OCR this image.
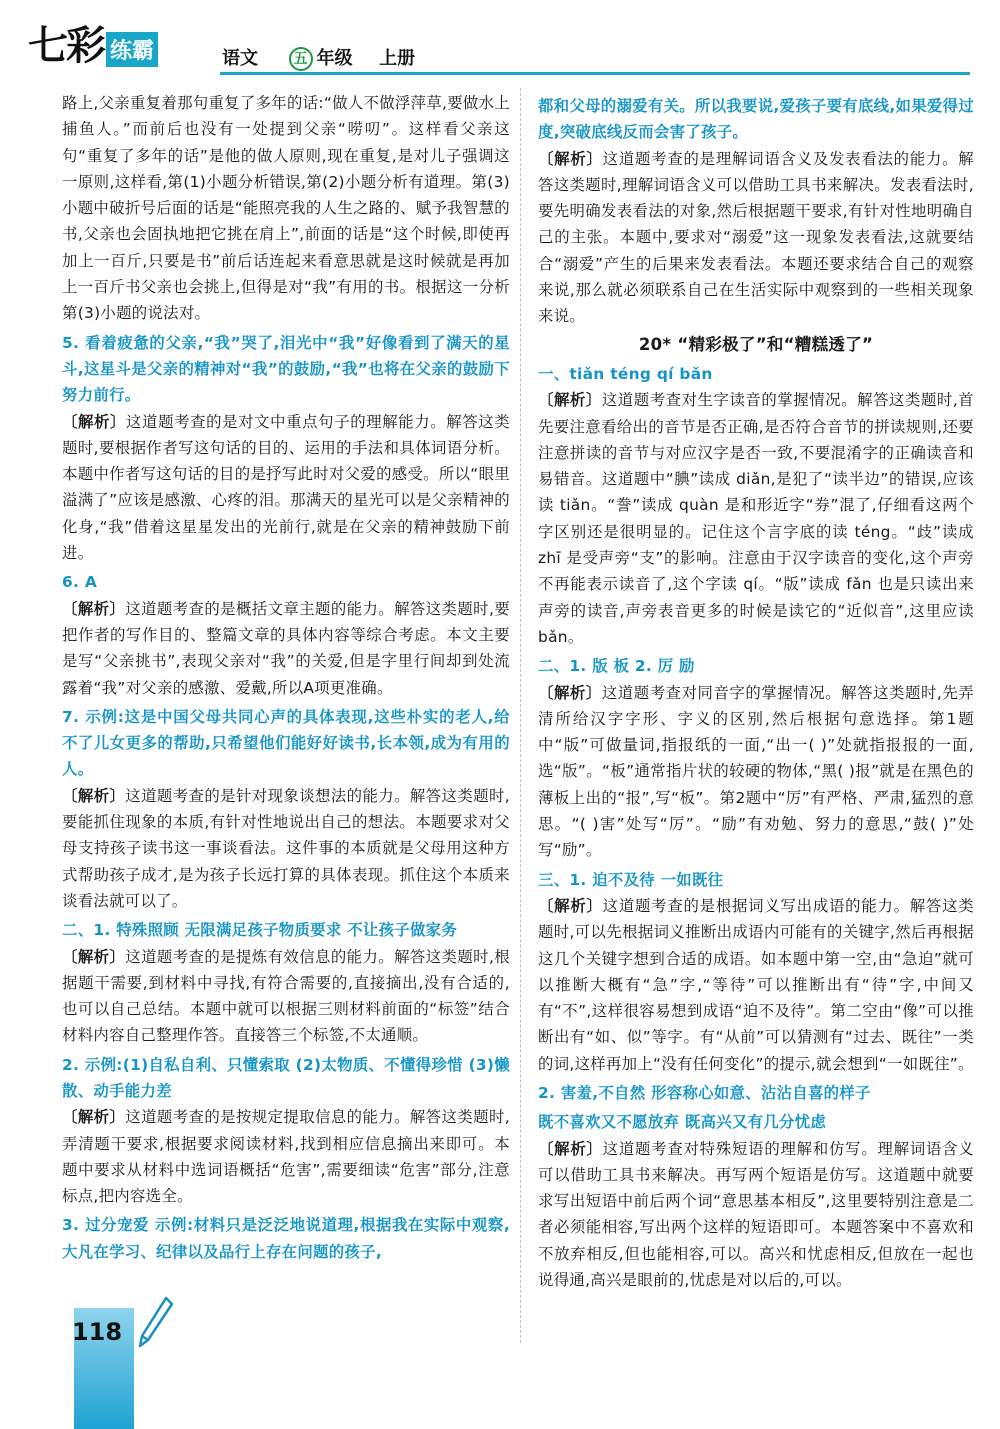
七彩 练霸	语文	五 年级 上册

路上,父亲重复着那句重复了多年的话:“做人不做浮萍草,要做水上捕鱼人。”而前后也没有一处提到父亲“唠叨”。这样看父亲这句“重复了多年的话”是他的做人原则,现在重复,是对儿子强调这一原则,这样看,第(1)小题分析错误,第(2)小题分析有道理。第(3)小题中破折号后面的话是“能照亮我的人生之路的、赋予我智慧的书,父亲也会固执地把它挑在肩上”,前面的话是“这个时候,即使再加上一百斤,只要是书”前后话连起来看意思就是这时候就是再加上一百斤书父亲也会挑上,但得是对“我”有用的书。根据这一分析第(3)小题的说法对。

5. 看着疲惫的父亲,“我”哭了,泪光中“我”好像看到了满天的星斗,这星斗是父亲的精神对“我”的鼓励,“我”也将在父亲的鼓励下努力前行。

〔解析〕这道题考查的是对文中重点句子的理解能力。解答这类题时,要根据作者写这句话的目的、运用的手法和具体词语分析。本题中作者写这句话的目的是抒写此时对父爱的感受。所以“眼里溢满了”应该是感激、心疼的泪。那满天的星光可以是父亲精神的化身,“我”借着这星星发出的光前行,就是在父亲的精神鼓励下前进。

6. A

〔解析〕这道题考查的是概括文章主题的能力。解答这类题时,要把作者的写作目的、整篇文章的具体内容等综合考虑。本文主要是写“父亲挑书”,表现父亲对“我”的关爱,但是字里行间却到处流露着“我”对父亲的感激、爱戴,所以A项更准确。

7. 示例:这是中国父母共同心声的具体表现,这些朴实的老人,给不了儿女更多的帮助,只希望他们能好好读书,长本领,成为有用的人。

〔解析〕这道题考查的是针对现象谈想法的能力。解答这类题时,要能抓住现象的本质,有针对性地说出自己的想法。本题要求对父母支持孩子读书这一事谈看法。这件事的本质就是父母用这种方式帮助孩子成才,是为孩子长远打算的具体表现。抓住这个本质来谈看法就可以了。

二、1. 特殊照顾 无限满足孩子物质要求 不让孩子做家务

〔解析〕这道题考查的是提炼有效信息的能力。解答这类题时,根据题干需要,到材料中寻找,有符合需要的,直接摘出,没有合适的,也可以自己总结。本题中就可以根据三则材料前面的“标签”结合材料内容自己整理作答。直接答三个标签,不太通顺。

2. 示例:(1)自私自利、只懂索取 (2)太物质、不懂得珍惜 (3)懒散、动手能力差

〔解析〕这道题考查的是按规定提取信息的能力。解答这类题时,弄清题干要求,根据要求阅读材料,找到相应信息摘出来即可。本题中要求从材料中选词语概括“危害”,需要细读“危害”部分,注意标点,把内容选全。

3. 过分宠爱 示例:材料只是泛泛地说道理,根据我在实际中观察,大凡在学习、纪律以及品行上存在问题的孩子,

都和父母的溺爱有关。所以我要说,爱孩子要有底线,如果爱得过度,突破底线反而会害了孩子。

〔解析〕这道题考查的是理解词语含义及发表看法的能力。解答这类题时,理解词语含义可以借助工具书来解决。发表看法时,要先明确发表看法的对象,然后根据题干要求,有针对性地明确自己的主张。本题中,要求对“溺爱”这一现象发表看法,这就要结合“溺爱”产生的后果来发表看法。本题还要求结合自己的观察来说,那么就必须联系自己在生活实际中观察到的一些相关现象来说。

20* “精彩极了”和“糟糕透了”

一、tiǎn téng qí bǎn

〔解析〕这道题考查对生字读音的掌握情况。解答这类题时,首先要注意看给出的音节是否正确,是否符合音节的拼读规则,还要注意拼读的音节与对应汉字是否一致,不要混淆字的正确读音和易错音。这道题中“腆”读成 diǎn,是犯了“读半边”的错误,应该读 tiǎn。“誊”读成 quàn 是和形近字“券”混了,仔细看这两个字区别还是很明显的。记住这个言字底的读 téng。“歧”读成 zhī 是受声旁“支”的影响。注意由于汉字读音的变化,这个声旁不再能表示读音了,这个字读 qí。“版”读成 fǎn 也是只读出来声旁的读音,声旁表音更多的时候是读它的“近似音”,这里应读 bǎn。

二、1. 版 板 2. 厉 励

〔解析〕这道题考查对同音字的掌握情况。解答这类题时,先弄清所给汉字字形、字义的区别,然后根据句意选择。第1题中“版”可做量词,指报纸的一面,“出一( )”处就指报报的一面,选“版”。“板”通常指片状的较硬的物体,“黑( )报”就是在黑色的薄板上出的“报”,写“板”。第2题中“厉”有严格、严肃,猛烈的意思。“( )害”处写“厉”。“励”有劝勉、努力的意思,“鼓( )”处写“励”。

三、1. 迫不及待 一如既往

〔解析〕这道题考查的是根据词义写出成语的能力。解答这类题时,可以先根据词义推断出成语内可能有的关键字,然后再根据这几个关键字想到合适的成语。如本题中第一空,由“急迫”就可以推断大概有“急”字,“等待”可以推断出有“待”字,中间又有“不”,这样很容易想到成语“迫不及待”。第二空由“像”可以推断出有“如、似”等字。有“从前”可以猜测有“过去、既往”一类的词,这样再加上“没有任何变化”的提示,就会想到“一如既往”。

2. 害羞,不自然 形容称心如意、沾沾自喜的样子

既不喜欢又不愿放弃 既高兴又有几分忧虑

〔解析〕这道题考查对特殊短语的理解和仿写。理解词语含义可以借助工具书来解决。再写两个短语是仿写。这道题中就要求写出短语中前后两个词“意思基本相反”,这里要特别注意是二者必须能相容,写出两个这样的短语即可。本题答案中不喜欢和不放弃相反,但也能相容,可以。高兴和忧虑相反,但放在一起也说得通,高兴是眼前的,忧虑是对以后的,可以。

118
